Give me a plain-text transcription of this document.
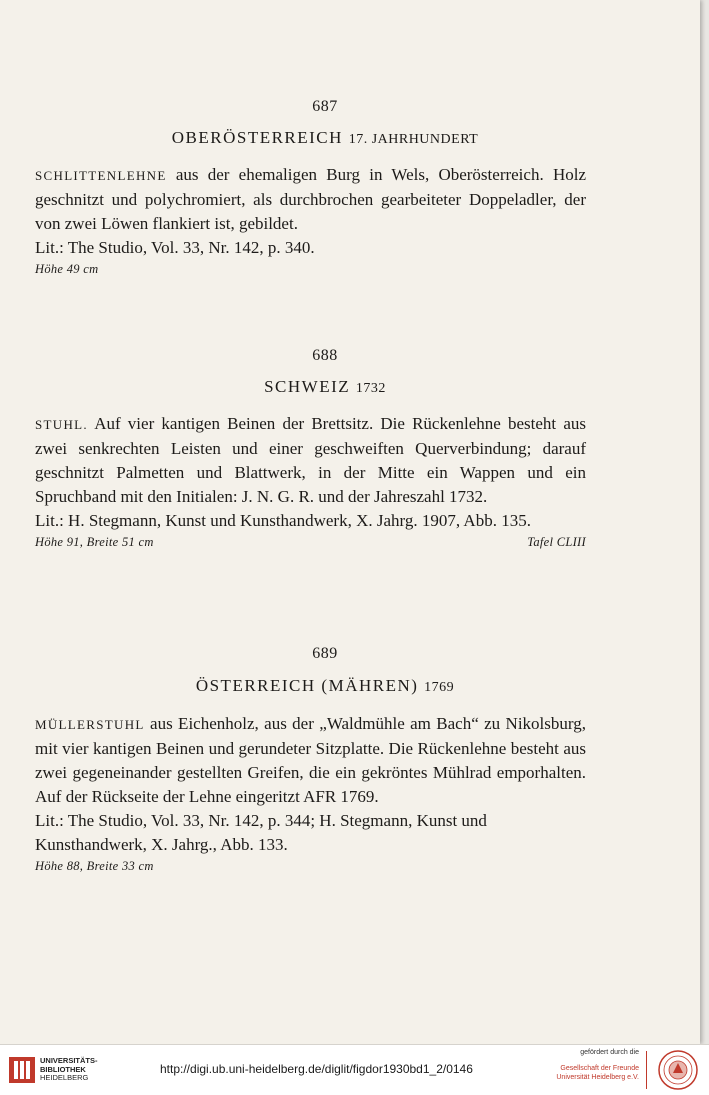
687
OBERÖSTERREICH 17. JAHRHUNDERT
SCHLITTENLEHNE aus der ehemaligen Burg in Wels, Oberösterreich. Holz geschnitzt und polychromiert, als durchbrochen gearbeiteter Doppeladler, der von zwei Löwen flankiert ist, gebildet.
Lit.: The Studio, Vol. 33, Nr. 142, p. 340.
Höhe 49 cm
688
SCHWEIZ 1732
STUHL. Auf vier kantigen Beinen der Brettsitz. Die Rückenlehne besteht aus zwei senkrechten Leisten und einer geschweiften Querverbindung; darauf geschnitzt Palmetten und Blattwerk, in der Mitte ein Wappen und ein Spruchband mit den Initialen: J. N. G. R. und der Jahreszahl 1732.
Lit.: H. Stegmann, Kunst und Kunsthandwerk, X. Jahrg. 1907, Abb. 135.
Höhe 91, Breite 51 cm	Tafel CLIII
689
ÖSTERREICH (MÄHREN) 1769
MÜLLERSTUHL aus Eichenholz, aus der „Waldmühle am Bach“ zu Nikolsburg, mit vier kantigen Beinen und gerundeter Sitzplatte. Die Rückenlehne besteht aus zwei gegeneinander gestellten Greifen, die ein gekröntes Mühlrad emporhalten. Auf der Rückseite der Lehne eingeritzt AFR 1769.
Lit.: The Studio, Vol. 33, Nr. 142, p. 344; H. Stegmann, Kunst und Kunsthandwerk, X. Jahrg., Abb. 133.
Höhe 88, Breite 33 cm
UNIVERSITÄTS-
BIBLIOTHEK
HEIDELBERG
http://digi.ub.uni-heidelberg.de/diglit/figdor1930bd1_2/0146
gefördert durch die
Gesellschaft der Freunde
Universität Heidelberg e.V.
